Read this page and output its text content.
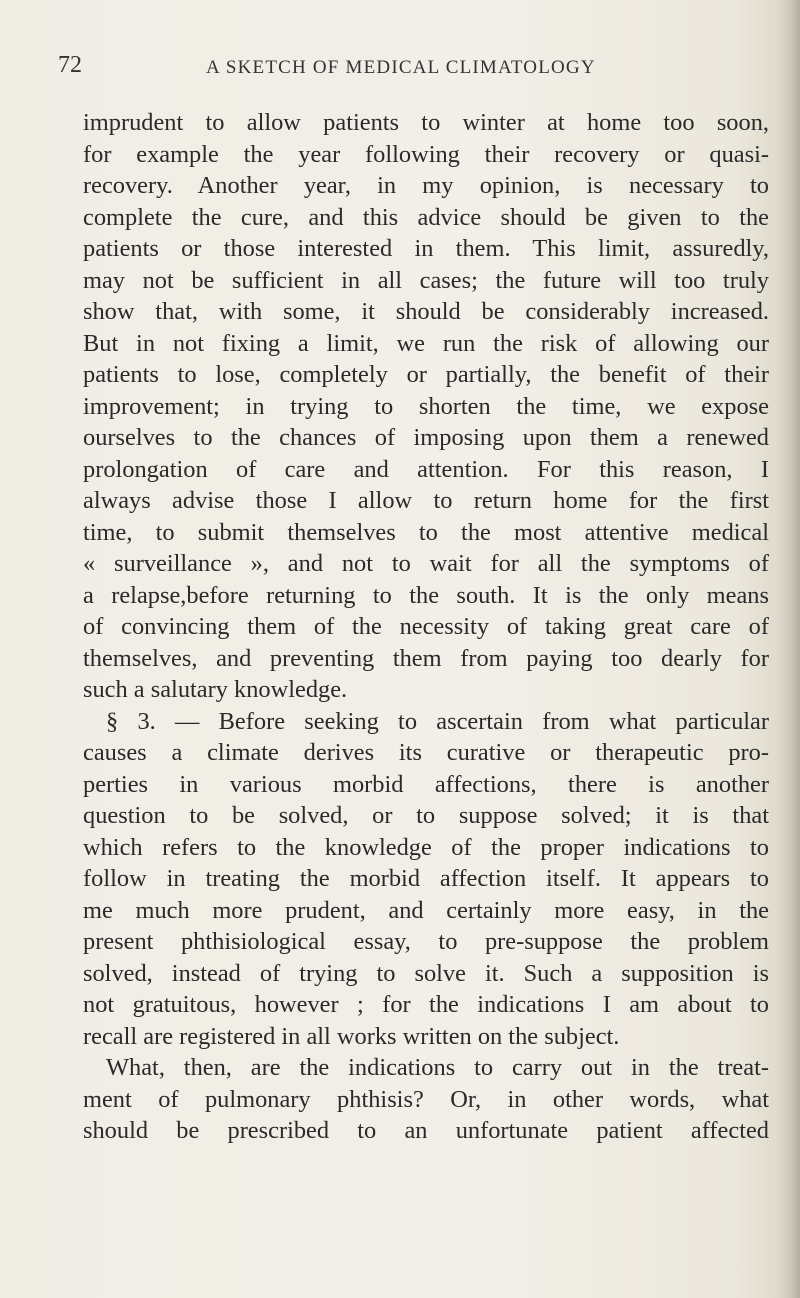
72	A SKETCH OF MEDICAL CLIMATOLOGY
imprudent to allow patients to winter at home too soon,
for example the year following their recovery or quasi-
recovery. Another year, in my opinion, is necessary to
complete the cure, and this advice should be given to the
patients or those interested in them. This limit, assuredly,
may not be sufficient in all cases; the future will too truly
show that, with some, it should be considerably increased.
But in not fixing a limit, we run the risk of allowing our
patients to lose, completely or partially, the benefit of their
improvement; in trying to shorten the time, we expose
ourselves to the chances of imposing upon them a renewed
prolongation of care and attention. For this reason, I
always advise those I allow to return home for the first
time, to submit themselves to the most attentive medical
« surveillance », and not to wait for all the symptoms of
a relapse,before returning to the south. It is the only means
of convincing them of the necessity of taking great care of
themselves, and preventing them from paying too dearly for
such a salutary knowledge.
§ 3. — Before seeking to ascertain from what particular
causes a climate derives its curative or therapeutic pro-
perties in various morbid affections, there is another
question to be solved, or to suppose solved; it is that
which refers to the knowledge of the proper indications to
follow in treating the morbid affection itself. It appears to
me much more prudent, and certainly more easy, in the
present phthisiological essay, to pre-suppose the problem
solved, instead of trying to solve it. Such a supposition is
not gratuitous, however ; for the indications I am about to
recall are registered in all works written on the subject.
What, then, are the indications to carry out in the treat-
ment of pulmonary phthisis? Or, in other words, what
should be prescribed to an unfortunate patient affected
